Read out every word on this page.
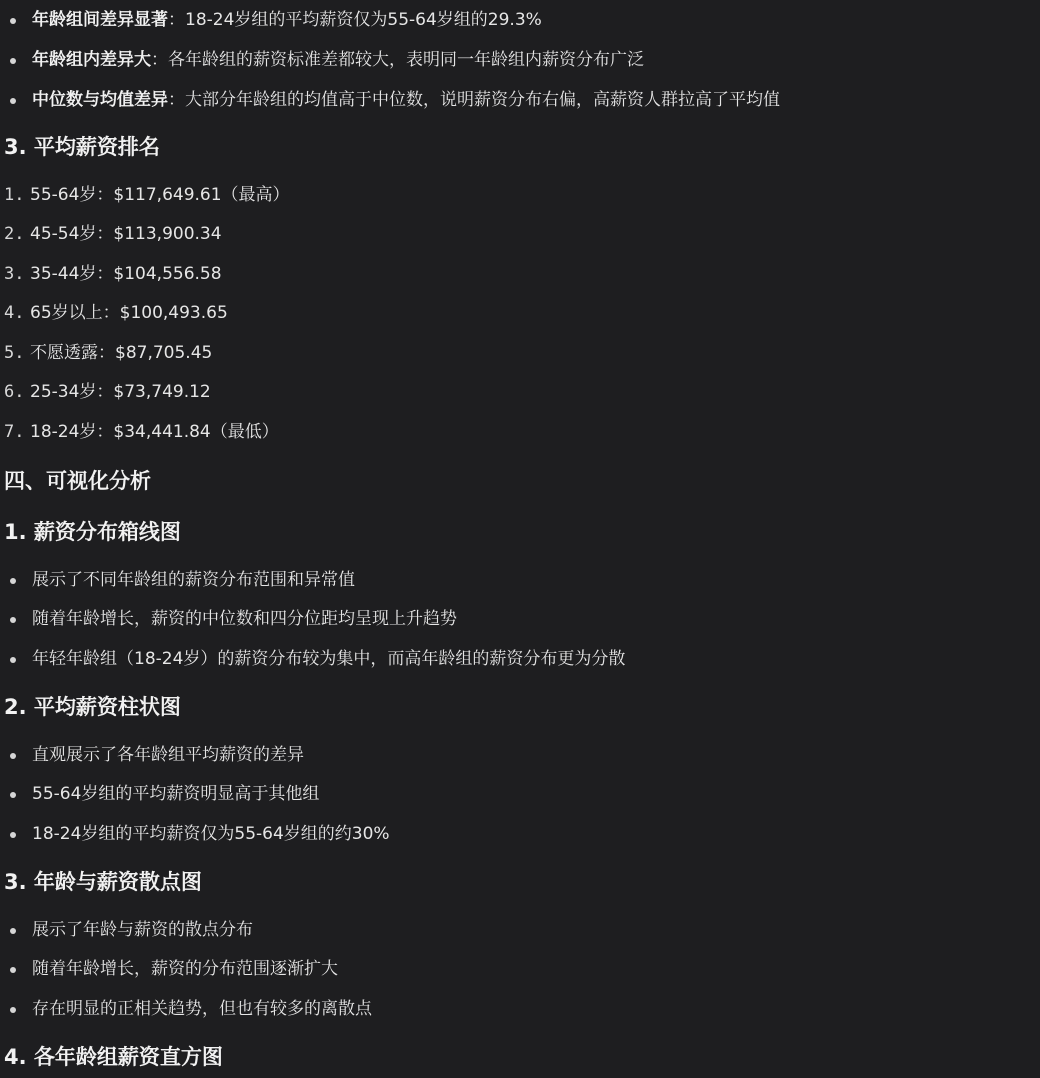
年龄组间差异显著：18-24岁组的平均薪资仅为55-64岁组的29.3%
年龄组内差异大：各年龄组的薪资标准差都较大，表明同一年龄组内薪资分布广泛
中位数与均值差异：大部分年龄组的均值高于中位数，说明薪资分布右偏，高薪资人群拉高了平均值
3. 平均薪资排名
1. 55-64岁：$117,649.61（最高）
2. 45-54岁：$113,900.34
3. 35-44岁：$104,556.58
4. 65岁以上：$100,493.65
5. 不愿透露：$87,705.45
6. 25-34岁：$73,749.12
7. 18-24岁：$34,441.84（最低）
四、可视化分析
1. 薪资分布箱线图
展示了不同年龄组的薪资分布范围和异常值
随着年龄增长，薪资的中位数和四分位距均呈现上升趋势
年轻年龄组（18-24岁）的薪资分布较为集中，而高年龄组的薪资分布更为分散
2. 平均薪资柱状图
直观展示了各年龄组平均薪资的差异
55-64岁组的平均薪资明显高于其他组
18-24岁组的平均薪资仅为55-64岁组的约30%
3. 年龄与薪资散点图
展示了年龄与薪资的散点分布
随着年龄增长，薪资的分布范围逐渐扩大
存在明显的正相关趋势，但也有较多的离散点
4. 各年龄组薪资直方图
